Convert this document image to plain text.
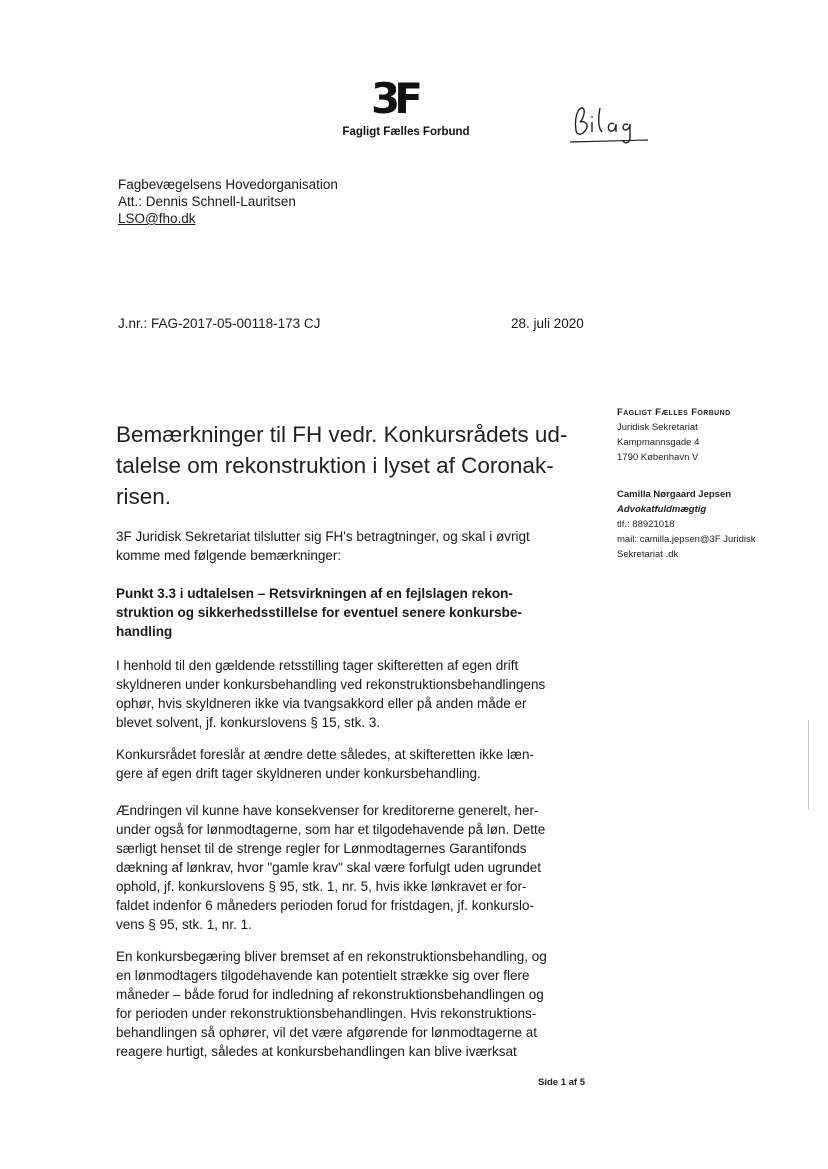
3F
Fagligt Fælles Forbund
Fagbevægelsens Hovedorganisation
Att.: Dennis Schnell-Lauritsen
LSO@fho.dk
J.nr.: FAG-2017-05-00118-173 CJ	28. juli 2020
Fagligt Fælles Forbund
Juridisk Sekretariat
Kampmannsgade 4
1790 København V
Camilla Nørgaard Jepsen
Advokatfuldmægtig
tlf.: 88921018
mail: camilla.jepsen@3F Juridisk
Sekretariat .dk
Bemærkninger til FH vedr. Konkursrådets ud-
talelse om rekonstruktion i lyset af Coronak-
risen.
3F Juridisk Sekretariat tilslutter sig FH's betragtninger, og skal i øvrigt
komme med følgende bemærkninger:
Punkt 3.3 i udtalelsen – Retsvirkningen af en fejlslagen rekon-
struktion og sikkerhedsstillelse for eventuel senere konkursbe-
handling
I henhold til den gældende retsstilling tager skifteretten af egen drift
skyldneren under konkursbehandling ved rekonstruktionsbehandlingens
ophør, hvis skyldneren ikke via tvangsakkord eller på anden måde er
blevet solvent, jf. konkurslovens § 15, stk. 3.
Konkursrådet foreslår at ændre dette således, at skifteretten ikke læn-
gere af egen drift tager skyldneren under konkursbehandling.
Ændringen vil kunne have konsekvenser for kreditorerne generelt, her-
under også for lønmodtagerne, som har et tilgodehavende på løn. Dette
særligt henset til de strenge regler for Lønmodtagernes Garantifonds
dækning af lønkrav, hvor "gamle krav" skal være forfulgt uden ugrundet
ophold, jf. konkurslovens § 95, stk. 1, nr. 5, hvis ikke lønkravet er for-
faldet indenfor 6 måneders perioden forud for fristdagen, jf. konkurslo-
vens § 95, stk. 1, nr. 1.
En konkursbegæring bliver bremset af en rekonstruktionsbehandling, og
en lønmodtagers tilgodehavende kan potentielt strække sig over flere
måneder – både forud for indledning af rekonstruktionsbehandlingen og
for perioden under rekonstruktionsbehandlingen. Hvis rekonstruktions-
behandlingen så ophører, vil det være afgørende for lønmodtagerne at
reagere hurtigt, således at konkursbehandlingen kan blive iværksat
Side 1 af 5
